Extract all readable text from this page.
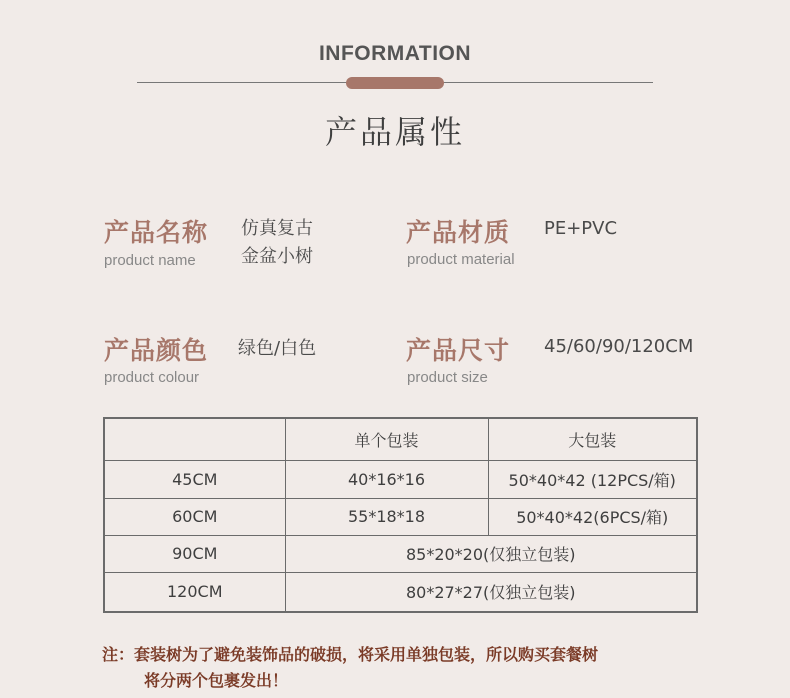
INFORMATION
产品属性
产品名称
product name
仿真复古
金盆小树
产品材质
product material
PE+PVC
产品颜色
product colour
绿色/白色	产品尺寸
product size
45/60/90/120CM
	单个包装	大包装
45CM	40*16*16	50*40*42 (12PCS/箱)
60CM	55*18*18	50*40*42(6PCS/箱)
90CM	85*20*20(仅独立包装)	
120CM	80*27*27(仅独立包装)	
注：套装树为了避免装饰品的破损，将采用单独包装，所以购买套餐树
将分两个包裹发出！
